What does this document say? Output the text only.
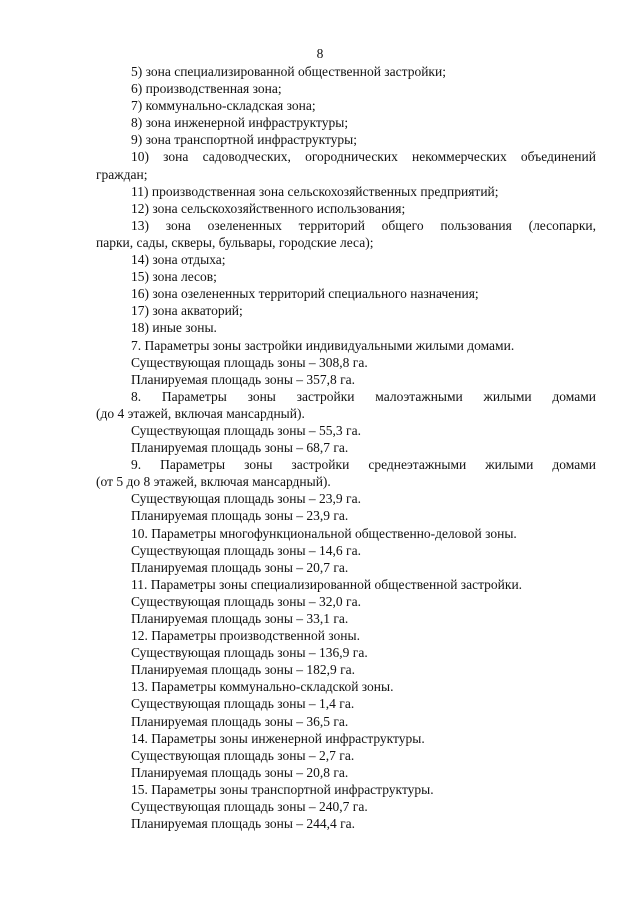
8
5) зона специализированной общественной застройки;
6) производственная зона;
7) коммунально-складская зона;
8) зона инженерной инфраструктуры;
9) зона транспортной инфраструктуры;
10) зона садоводческих, огороднических некоммерческих объединений
граждан;
11) производственная зона сельскохозяйственных предприятий;
12) зона сельскохозяйственного использования;
13) зона озелененных территорий общего пользования (лесопарки,
парки, сады, скверы, бульвары, городские леса);
14) зона отдыха;
15) зона лесов;
16) зона озелененных территорий специального назначения;
17) зона акваторий;
18) иные зоны.
7. Параметры зоны застройки индивидуальными жилыми домами.
Существующая площадь зоны – 308,8 га.
Планируемая площадь зоны – 357,8 га.
8. Параметры зоны застройки малоэтажными жилыми домами
(до 4 этажей, включая мансардный).
Существующая площадь зоны – 55,3 га.
Планируемая площадь зоны – 68,7 га.
9. Параметры зоны застройки среднеэтажными жилыми домами
(от 5 до 8 этажей, включая мансардный).
Существующая площадь зоны – 23,9 га.
Планируемая площадь зоны – 23,9 га.
10. Параметры многофункциональной общественно-деловой зоны.
Существующая площадь зоны – 14,6 га.
Планируемая площадь зоны – 20,7 га.
11. Параметры зоны специализированной общественной застройки.
Существующая площадь зоны – 32,0 га.
Планируемая площадь зоны – 33,1 га.
12. Параметры производственной зоны.
Существующая площадь зоны – 136,9 га.
Планируемая площадь зоны – 182,9 га.
13. Параметры коммунально-складской зоны.
Существующая площадь зоны – 1,4 га.
Планируемая площадь зоны – 36,5 га.
14. Параметры зоны инженерной инфраструктуры.
Существующая площадь зоны – 2,7 га.
Планируемая площадь зоны – 20,8 га.
15. Параметры зоны транспортной инфраструктуры.
Существующая площадь зоны – 240,7 га.
Планируемая площадь зоны – 244,4 га.
